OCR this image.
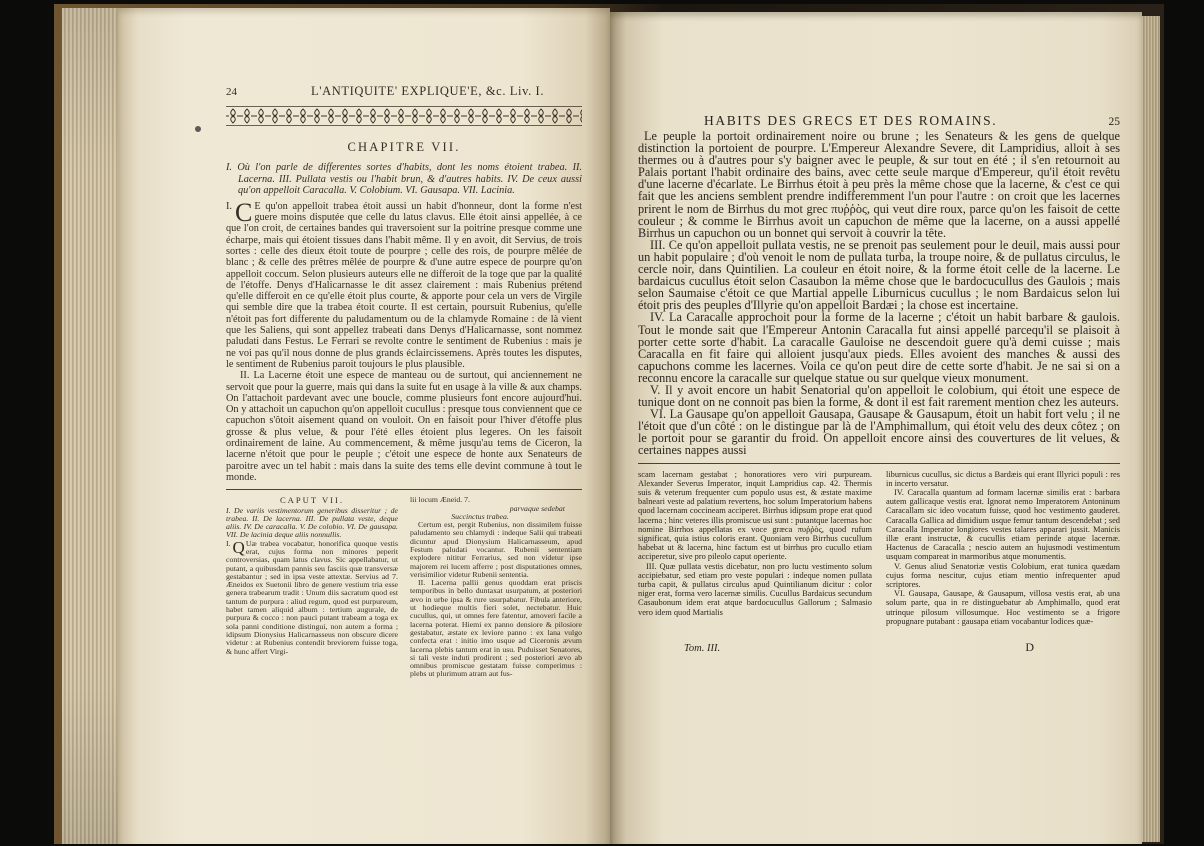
24	L'ANTIQUITE' EXPLIQUE'E, &c. Liv. I.
CHAPITRE VII.
I. Où l'on parle de differentes sortes d'habits, dont les noms étoient trabea. II. Lacerna. III. Pullata vestis ou l'habit brun, & d'autres habits. IV. De ceux aussi qu'on appelloit Caracalla. V. Colobium. VI. Gausapa. VII. Lacinia.

I. C E qu'on appelloit trabea étoit aussi un habit d'honneur, dont la forme n'est guere moins disputée que celle du latus clavus. Elle étoit ainsi appellée, à ce que l'on croit, de certaines bandes qui traversoient sur la poitrine presque comme une écharpe, mais qui étoient tissues dans l'habit même. Il y en avoit, dit Servius, de trois sortes : celle des dieux étoit toute de pourpre ; celle des rois, de pourpre mêlée de blanc ; & celle des prêtres mêlée de pourpre & d'une autre espece de pourpre qu'on appelloit coccum. Selon plusieurs auteurs elle ne differoit de la toge que par la qualité de l'étoffe. Denys d'Halicarnasse le dit assez clairement : mais Rubenius prétend qu'elle differoit en ce qu'elle étoit plus courte, & apporte pour cela un vers de Virgile qui semble dire que la trabea étoit courte. Il est certain, poursuit Rubenius, qu'elle n'étoit pas fort differente du paludamentum ou de la chlamyde Romaine : de là vient que les Saliens, qui sont appellez trabeati dans Denys d'Halicarnasse, sont nommez paludati dans Festus. Le Ferrari se revolte contre le sentiment de Rubenius : mais je ne voi pas qu'il nous donne de plus grands éclaircissemens. Après toutes les disputes, le sentiment de Rubenius paroit toujours le plus plausible.

II. La Lacerne étoit une espece de manteau ou de surtout, qui anciennement ne servoit que pour la guerre, mais qui dans la suite fut en usage à la ville & aux champs. On l'attachoit pardevant avec une boucle, comme plusieurs font encore aujourd'hui. On y attachoit un capuchon qu'on appelloit cucullus : presque tous conviennent que ce capuchon s'ôtoit aisement quand on vouloit. On en faisoit pour l'hiver d'étoffe plus grosse & plus velue, & pour l'été elles étoient plus legeres. On les faisoit ordinairement de laine. Au commencement, & même jusqu'au tems de Ciceron, la lacerne n'étoit que pour le peuple ; c'étoit une espece de honte aux Senateurs de paroitre avec un tel habit : mais dans la suite des tems elle devint commune à tout le monde.

CAPUT VII.

I. De variis vestimentorum generibus disseritur ; de trabea. II. De lacerna. III. De pullata veste, deque aliis. IV. De caracalla. V. De colobio. VI. De gausapa. VII. De lacinia deque aliis nonnullis.

I. Q Uæ trabea vocabatur, honorifica quoque vestis erat, cujus forma non minores peperit controversias, quam latus clavus. Sic appellabatur, ut putant, a quibusdam pannis seu fasciis quæ transversæ gestabantur ; sed in ipsa veste attextæ. Servius ad 7. Æneidos ex Suetonii libro de genere vestium tria esse genera trabearum tradit : Unum diis sacratum quod est tantum de purpura : aliud regum, quod est purpureum, habet tamen aliquid album : tertium augurale, de purpura & cocco : non pauci putant trabeam a toga ex sola panni conditione distingui, non autem a forma ; idipsum Dionysius Halicarnasseus non obscure dicere videtur : at Rubenius contendit breviorem fuisse toga, & hunc affert Virgi-

lii locum Æneid. 7.

parvaque sedebat
Succinctus trabea.

Certum est, pergit Rubenius, non dissimilem fuisse paludamento seu chlamydi : indeque Salii qui trabeati dicuntur apud Dionysium Halicarnasseum, apud Festum paludati vocantur. Rubenii sententiam explodere nititur Ferrarius, sed non videtur ipse majorem rei lucem afferre ; post disputationes omnes, verisimilior videtur Rubenii sententia.

II. Lacerna pallii genus quoddam erat priscis temporibus in bello duntaxat usurpatum, at posteriori ævo in urbe ipsa & rure usurpabatur. Fibula anteriore, ut hodieque multis fieri solet, nectebatur. Huic cucullus, qui, ut omnes fere fatentur, amoveri facile a lacerna poterat. Hiemi ex panno densiore & pilosiore gestabatur, æstate ex leviore panno : ex lana vulgo confecta erat : initio imo usque ad Ciceronis ævum lacerna plebis tantum erat in usu. Puduisset Senatores, si tali veste induti prodirent ; sed posteriori ævo ab omnibus promiscue gestatam fuisse comperimus : plebs ut plurimum atram aut fus-

HABITS DES GRECS ET DES ROMAINS.	25

Le peuple la portoit ordinairement noire ou brune ; les Senateurs & les gens de quelque distinction la portoient de pourpre. L'Empereur Alexandre Severe, dit Lampridius, alloit à ses thermes ou à d'autres pour s'y baigner avec le peuple, & sur tout en été ; il s'en retournoit au Palais portant l'habit ordinaire des bains, avec cette seule marque d'Empereur, qu'il étoit revêtu d'une lacerne d'écarlate. Le Birrhus étoit à peu près la même chose que la lacerne, & c'est ce qui fait que les anciens semblent prendre indifferemment l'un pour l'autre : on croit que les lacernes prirent le nom de Birrhus du mot grec πυῤῥὸς, qui veut dire roux, parce qu'on les faisoit de cette couleur ; & comme le Birrhus avoit un capuchon de même que la lacerne, on a aussi appellé Birrhus un capuchon ou un bonnet qui servoit à couvrir la tête.

III. Ce qu'on appelloit pullata vestis, ne se prenoit pas seulement pour le deuil, mais aussi pour un habit populaire ; d'où venoit le nom de pullata turba, la troupe noire, & de pullatus circulus, le cercle noir, dans Quintilien. La couleur en étoit noire, & la forme étoit celle de la lacerne. Le bardaicus cucullus étoit selon Casaubon la même chose que le bardocucullus des Gaulois ; mais selon Saumaise c'étoit ce que Martial appelle Liburnicus cucullus ; le nom Bardaicus selon lui étoit pris des peuples d'Illyrie qu'on appelloit Bardæi ; la chose est incertaine.

IV. La Caracalle approchoit pour la forme de la lacerne ; c'étoit un habit barbare & gaulois. Tout le monde sait que l'Empereur Antonin Caracalla fut ainsi appellé parcequ'il se plaisoit à porter cette sorte d'habit. La caracalle Gauloise ne descendoit guere qu'à demi cuisse ; mais Caracalla en fit faire qui alloient jusqu'aux pieds. Elles avoient des manches & aussi des capuchons comme les lacernes. Voila ce qu'on peut dire de cette sorte d'habit. Je ne sai si on a reconnu encore la caracalle sur quelque statue ou sur quelque vieux monument.

V. Il y avoit encore un habit Senatorial qu'on appelloit le colobium, qui étoit une espece de tunique dont on ne connoit pas bien la forme, & dont il est fait rarement mention chez les auteurs.

VI. La Gausape qu'on appelloit Gausapa, Gausape & Gausapum, étoit un habit fort velu ; il ne l'étoit que d'un côté : on le distingue par là de l'Amphimallum, qui étoit velu des deux côtez ; on le portoit pour se garantir du froid. On appelloit encore ainsi des couvertures de lit velues, & certaines nappes aussi

scam lacernam gestabat ; honoratiores vero viri purpuream. Alexander Severus Imperator, inquit Lampridius cap. 42. Thermis suis & veterum frequenter cum populo usus est, & æstate maxime balneari veste ad palatium revertens, hoc solum Imperatorium habens quod lacernam coccineam acciperet. Birrhus idipsum prope erat quod lacerna ; hinc veteres illis promiscue usi sunt : putantque lacernas hoc nomine Birrhos appellatas ex voce græca πυῤῥὸς, quod rufum significat, quia istius coloris erant. Quoniam vero Birrhus cucullum habebat ut & lacerna, hinc factum est ut birrhus pro cucullo etiam acciperetur, sive pro pileolo caput operiente.

III. Quæ pullata vestis dicebatur, non pro luctu vestimento solum accipiebatur, sed etiam pro veste populari : indeque nomen pullata turba capit, & pullatus circulus apud Quintilianum dicitur : color niger erat, forma vero lacernæ similis. Cucullus Bardaicus secundum Casaubonum idem erat atque bardocucullus Gallorum ; Salmasio vero idem quod Martialis

liburnicus cucullus, sic dictus a Bardæis qui erant Illyrici populi : res in incerto versatur.

IV. Caracalla quantum ad formam lacernæ similis erat : barbara autem gallicaque vestis erat. Ignorat nemo Imperatorem Antoninum Caracallam sic ideo vocatum fuisse, quod hoc vestimento gauderet. Caracalla Gallica ad dimidium usque femur tantum descendebat ; sed Caracalla Imperator longiores vestes talares apparari jussit. Manicis illæ erant instructæ, & cucullis etiam perinde atque lacernæ. Hactenus de Caracalla ; nescio autem an hujusmodi vestimentum usquam compareat in marmoribus atque monumentis.

V. Genus aliud Senatoriæ vestis Colobium, erat tunica quædam cujus forma nescitur, cujus etiam mentio infrequenter apud scriptores.

VI. Gausapa, Gausape, & Gausapum, villosa vestis erat, ab una solum parte, qua in re distinguebatur ab Amphimallo, quod erat utrinque pilosum villosumque. Hoc vestimento se a frigore propugnare putabant : gausapa etiam vocabantur lodices quæ-

Tom. III.	D
